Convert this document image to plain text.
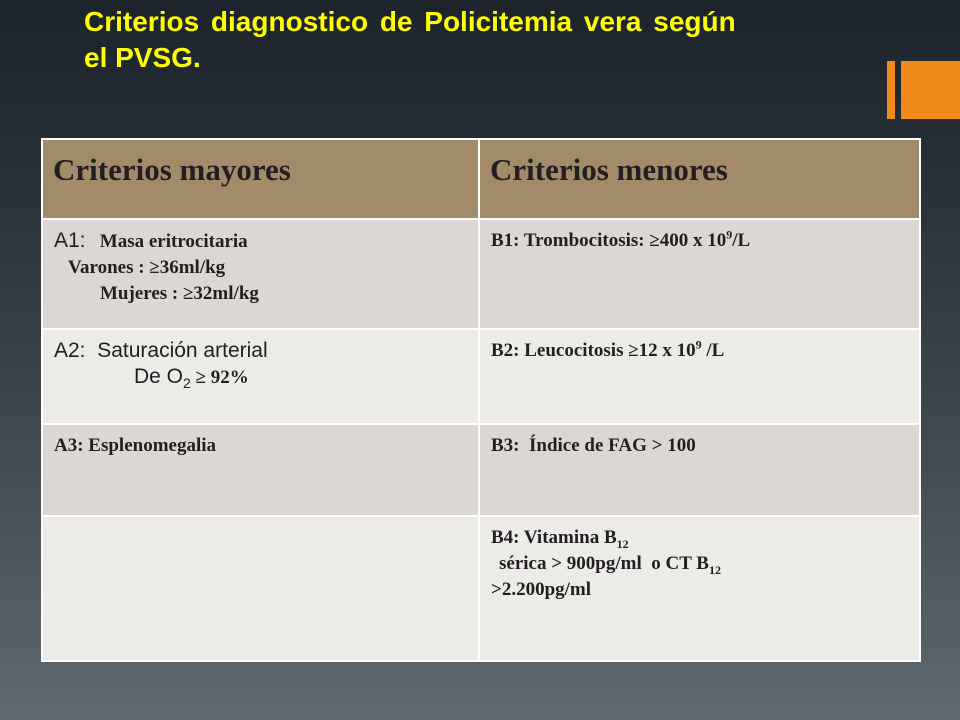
Criterios diagnostico de Policitemia vera según
el PVSG.
Criterios mayores	Criterios menores

A1: Masa eritrocitaria
Varones : ≥36ml/kg
Mujeres : ≥32ml/kg	B1: Trombocitosis: ≥400 x $10^9/L$

A2: Saturación arterial
De $O_2 \ge 92\%$	B2: Leucocitosis ≥12 x $10^9$ /L

A3: Esplenomegalia	B3:  Índice de FAG > 100

	B4: Vitamina $B_{12}$
sérica > 900pg/ml  o CT $B_{12}$
>2.200pg/ml
